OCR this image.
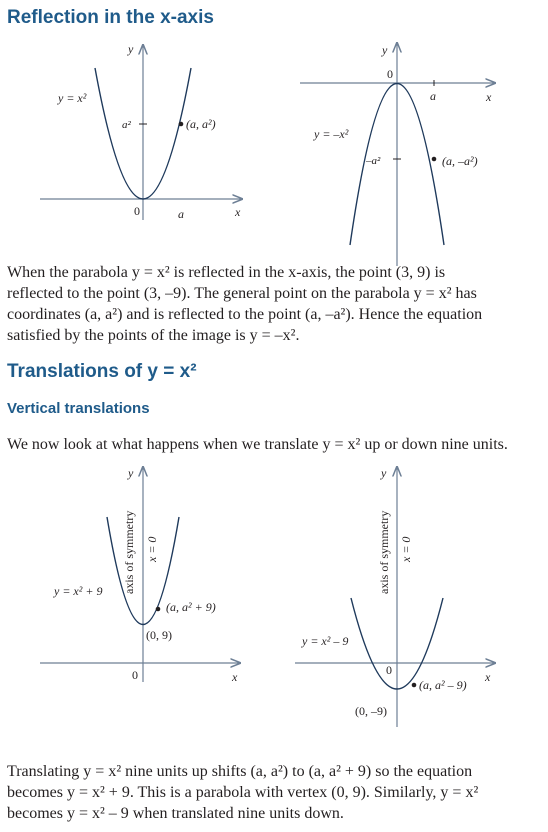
Reflection in the x-axis
y
x
0	a
a²	(a, a²)
y = x²
y
x
0
a
–a²	(a, –a²)
y = –x²

When the parabola y = x² is reflected in the x-axis, the point (3, 9) is
reflected to the point (3, –9). The general point on the parabola y = x² has
coordinates (a, a²) and is reflected to the point (a, –a²). Hence the equation
satisfied by the points of the image is y = –x².

Translations of y = x²
Vertical translations

We now look at what happens when we translate y = x² up or down nine units.

y
x
0
(0, 9)
(a, a² + 9)
y = x² + 9 axis of symmetry x = 0
y
x
0
(0, –9)
(a, a² – 9)
y = x² – 9
axis of symmetry x = 0

Translating y = x² nine units up shifts (a, a²) to (a, a² + 9) so the equation
becomes y = x² + 9. This is a parabola with vertex (0, 9). Similarly, y = x²
becomes y = x² – 9 when translated nine units down.
